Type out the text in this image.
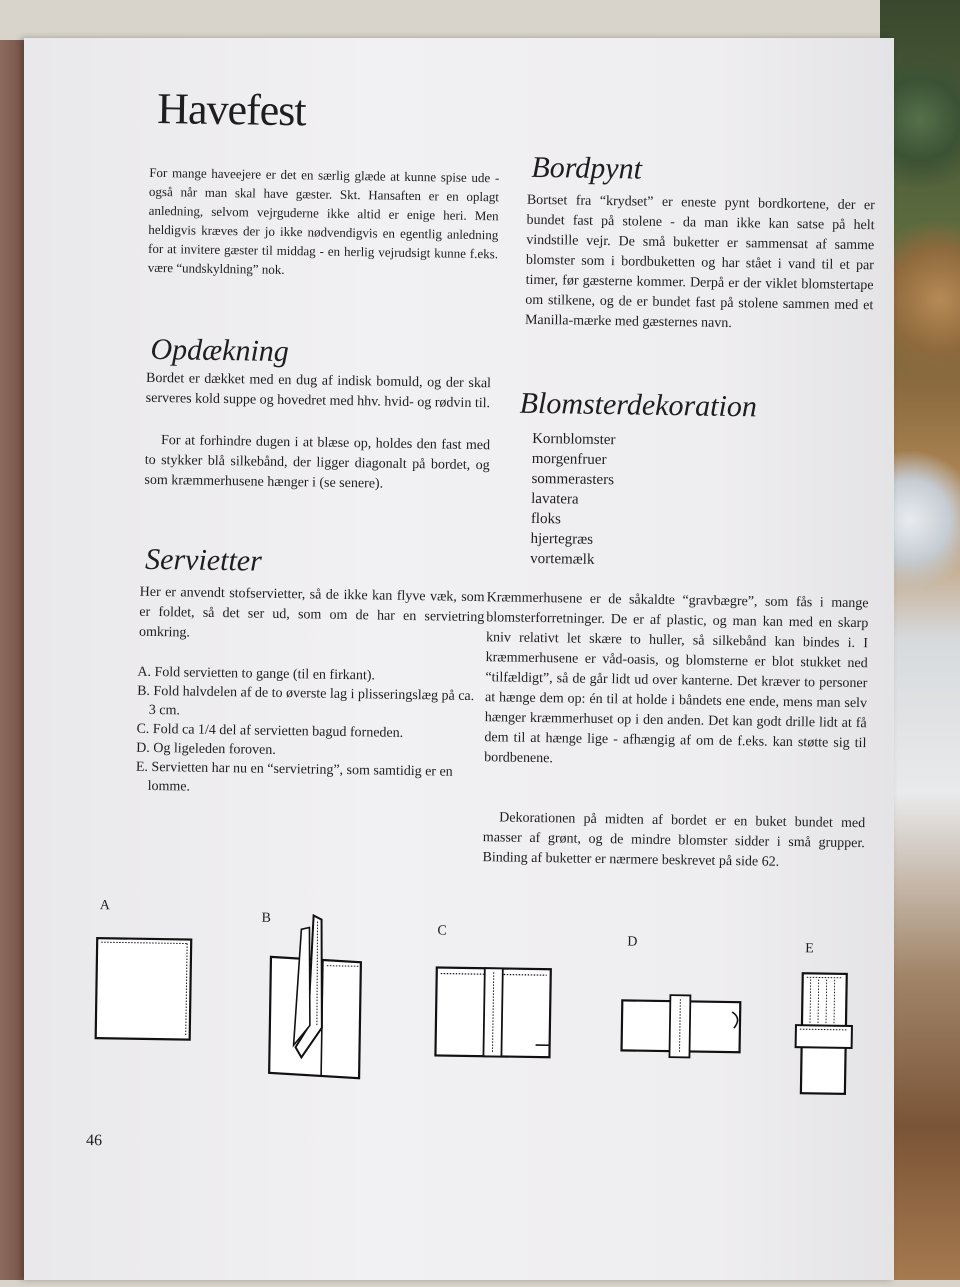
Havefest

For mange haveejere er det en særlig glæde at kunne spise ude - også når man skal have gæster. Skt. Hansaften er en oplagt anledning, selvom vejrguderne ikke altid er enige heri. Men heldigvis kræves der jo ikke nødvendigvis en egentlig anledning for at invitere gæster til middag - en herlig vejrudsigt kunne f.eks. være “undskyldning” nok.

Opdækning

Bordet er dækket med en dug af indisk bomuld, og der skal serveres kold suppe og hovedret med hhv. hvid- og rødvin til.

For at forhindre dugen i at blæse op, holdes den fast med to stykker blå silkebånd, der ligger diagonalt på bordet, og som kræmmerhusene hænger i (se senere).

Servietter

Her er anvendt stofservietter, så de ikke kan flyve væk, som er foldet, så det ser ud, som om de har en servietring omkring.

A. Fold servietten to gange (til en firkant).
B. Fold halvdelen af de to øverste lag i plisseringslæg på ca. 3 cm.
C. Fold ca 1/4 del af servietten bagud forneden.
D. Og ligeleden foroven.
E. Servietten har nu en “servietring”, som samtidig er en lomme.
Bordpynt

Bortset fra “krydset” er eneste pynt bordkortene, der er bundet fast på stolene - da man ikke kan satse på helt vindstille vejr. De små buketter er sammensat af samme blomster som i bordbuketten og har stået i vand til et par timer, før gæsterne kommer. Derpå er der viklet blomstertape om stilkene, og de er bundet fast på stolene sammen med et Manilla-mærke med gæsternes navn.

Blomsterdekoration
Kornblomster
morgenfruer
sommerasters
lavatera
floks
hjertegræs
vortemælk

Kræmmerhusene er de såkaldte “gravbægre”, som fås i mange blomsterforretninger. De er af plastic, og man kan med en skarp kniv relativt let skære to huller, så silkebånd kan bindes i. I kræmmerhusene er våd-oasis, og blomsterne er blot stukket ned “tilfældigt”, så de går lidt ud over kanterne. Det kræver to personer at hænge dem op: én til at holde i båndets ene ende, mens man selv hænger kræmmerhuset op i den anden. Det kan godt drille lidt at få dem til at hænge lige - afhængig af om de f.eks. kan støtte sig til bordbenene.

Dekorationen på midten af bordet er en buket bundet med masser af grønt, og de mindre blomster sidder i små grupper. Binding af buketter er nærmere beskrevet på side 62.

A
B
C
D	E
46
